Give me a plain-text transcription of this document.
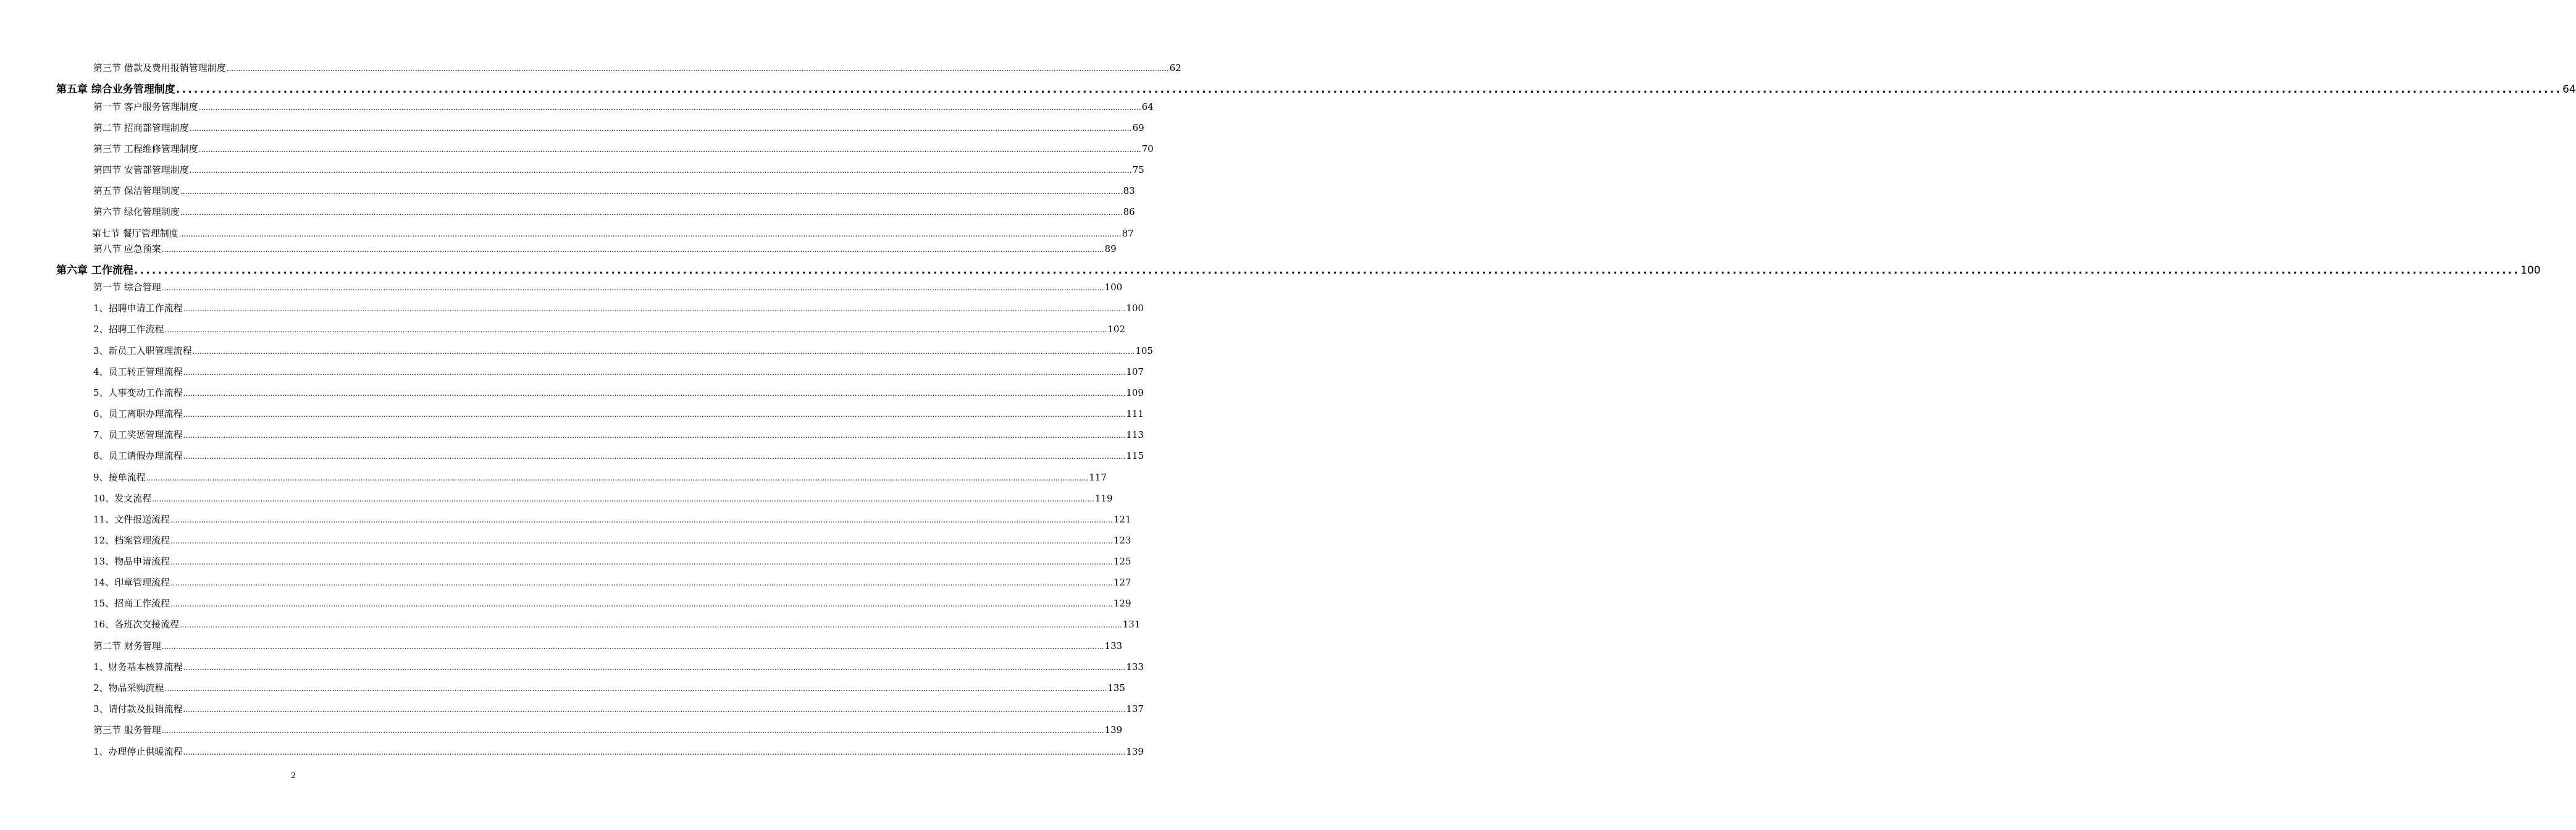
第三节 借款及费用报销管理制度 ................................................................................................................................................................................................................................................................................................................................................................................................................ 62
第五章 综合业务管理制度 ................................................................................................................................................................................................................................................................................................................................................................................................................ 64
第一节 客户服务管理制度 ................................................................................................................................................................................................................................................................................................................................................................................................................ 64
第二节 招商部管理制度 ................................................................................................................................................................................................................................................................................................................................................................................................................ 69
第三节 工程维修管理制度 ................................................................................................................................................................................................................................................................................................................................................................................................................ 70
第四节 安管部管理制度 ................................................................................................................................................................................................................................................................................................................................................................................................................ 75
第五节 保洁管理制度 ................................................................................................................................................................................................................................................................................................................................................................................................................ 83
第六节 绿化管理制度 ................................................................................................................................................................................................................................................................................................................................................................................................................ 86
第七节 餐厅管理制度 ................................................................................................................................................................................................................................................................................................................................................................................................................ 87
第八节 应急预案 ................................................................................................................................................................................................................................................................................................................................................................................................................ 89
第六章 工作流程 ................................................................................................................................................................................................................................................................................................................................................................................................................ 100
第一节 综合管理 ................................................................................................................................................................................................................................................................................................................................................................................................................ 100
1、招聘申请工作流程 ................................................................................................................................................................................................................................................................................................................................................................................................................ 100
2、招聘工作流程 ................................................................................................................................................................................................................................................................................................................................................................................................................ 102
3、新员工入职管理流程 ................................................................................................................................................................................................................................................................................................................................................................................................................ 105
4、员工转正管理流程 ................................................................................................................................................................................................................................................................................................................................................................................................................ 107
5、人事变动工作流程 ................................................................................................................................................................................................................................................................................................................................................................................................................ 109
6、员工离职办理流程 ................................................................................................................................................................................................................................................................................................................................................................................................................ 111
7、员工奖惩管理流程 ................................................................................................................................................................................................................................................................................................................................................................................................................ 113
8、员工请假办理流程 ................................................................................................................................................................................................................................................................................................................................................................................................................ 115
9、接单流程 ................................................................................................................................................................................................................................................................................................................................................................................................................ 117
10、发文流程 ................................................................................................................................................................................................................................................................................................................................................................................................................ 119
11、文件报送流程 ................................................................................................................................................................................................................................................................................................................................................................................................................ 121
12、档案管理流程 ................................................................................................................................................................................................................................................................................................................................................................................................................ 123
13、物品申请流程 ................................................................................................................................................................................................................................................................................................................................................................................................................ 125
14、印章管理流程 ................................................................................................................................................................................................................................................................................................................................................................................................................ 127
15、招商工作流程 ................................................................................................................................................................................................................................................................................................................................................................................................................ 129
16、各班次交接流程 ................................................................................................................................................................................................................................................................................................................................................................................................................ 131
第二节 财务管理 ................................................................................................................................................................................................................................................................................................................................................................................................................ 133
1、财务基本核算流程 ................................................................................................................................................................................................................................................................................................................................................................................................................ 133
2、物品采购流程 ................................................................................................................................................................................................................................................................................................................................................................................................................ 135
3、请付款及报销流程 ................................................................................................................................................................................................................................................................................................................................................................................................................ 137
第三节 服务管理 ................................................................................................................................................................................................................................................................................................................................................................................................................ 139
1、办理停止供暖流程 ................................................................................................................................................................................................................................................................................................................................................................................................................ 139
2
